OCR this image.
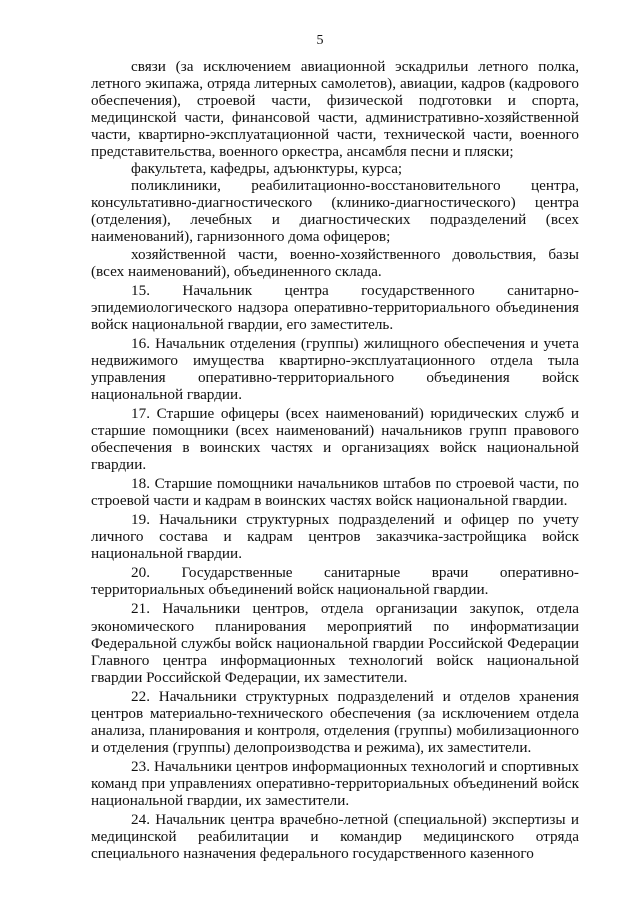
5

связи (за исключением авиационной эскадрильи летного полка, летного экипажа, отряда литерных самолетов), авиации, кадров (кадрового обеспечения), строевой части, физической подготовки и спорта, медицинской части, финансовой части, административно-хозяйственной части, квартирно-эксплуатационной части, технической части, военного представительства, военного оркестра, ансамбля песни и пляски;

факультета, кафедры, адъюнктуры, курса;

поликлиники, реабилитационно-восстановительного центра, консультативно-диагностического (клинико-диагностического) центра (отделения), лечебных и диагностических подразделений (всех наименований), гарнизонного дома офицеров;

хозяйственной части, военно-хозяйственного довольствия, базы (всех наименований), объединенного склада.

15. Начальник центра государственного санитарно-эпидемиологического надзора оперативно-территориального объединения войск национальной гвардии, его заместитель.

16. Начальник отделения (группы) жилищного обеспечения и учета недвижимого имущества квартирно-эксплуатационного отдела тыла управления оперативно-территориального объединения войск национальной гвардии.

17. Старшие офицеры (всех наименований) юридических служб и старшие помощники (всех наименований) начальников групп правового обеспечения в воинских частях и организациях войск национальной гвардии.

18. Старшие помощники начальников штабов по строевой части, по строевой части и кадрам в воинских частях войск национальной гвардии.

19. Начальники структурных подразделений и офицер по учету личного состава и кадрам центров заказчика-застройщика войск национальной гвардии.

20. Государственные санитарные врачи оперативно-территориальных объединений войск национальной гвардии.

21. Начальники центров, отдела организации закупок, отдела экономического планирования мероприятий по информатизации Федеральной службы войск национальной гвардии Российской Федерации Главного центра информационных технологий войск национальной гвардии Российской Федерации, их заместители.

22. Начальники структурных подразделений и отделов хранения центров материально-технического обеспечения (за исключением отдела анализа, планирования и контроля, отделения (группы) мобилизационного и отделения (группы) делопроизводства и режима), их заместители.

23. Начальники центров информационных технологий и спортивных команд при управлениях оперативно-территориальных объединений войск национальной гвардии, их заместители.

24. Начальник центра врачебно-летной (специальной) экспертизы и медицинской реабилитации и командир медицинского отряда специального назначения федерального государственного казенного
